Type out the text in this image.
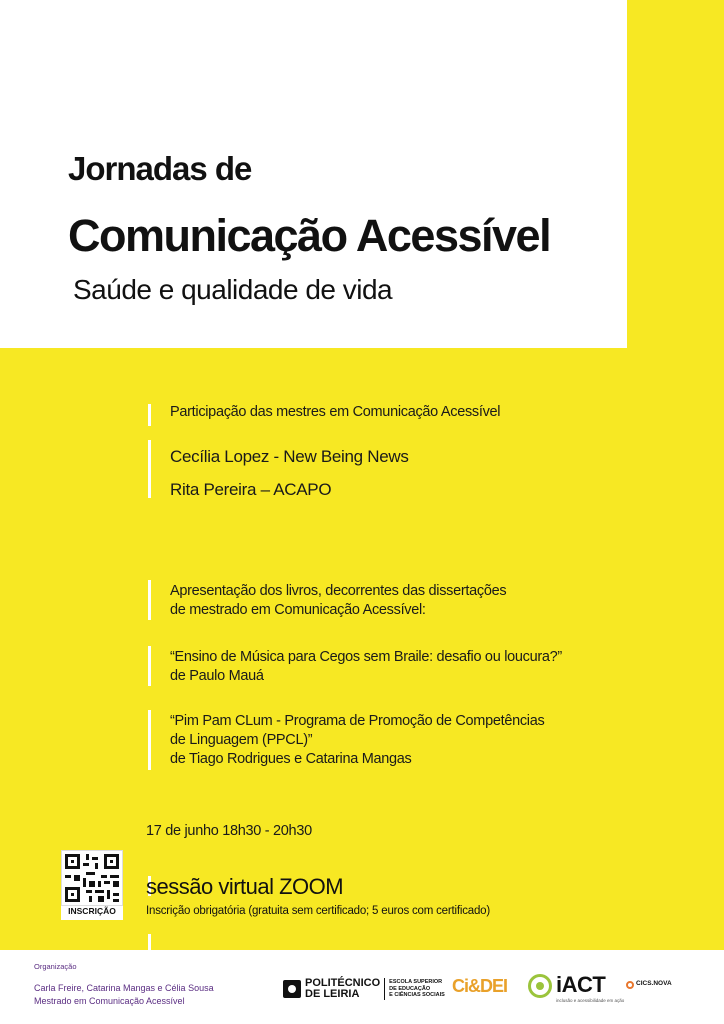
Jornadas de
Comunicação Acessível
Saúde e qualidade de vida
Participação das mestres em Comunicação Acessível
Cecília Lopez - New Being News
Rita Pereira – ACAPO
Apresentação dos livros, decorrentes das dissertações
de mestrado em Comunicação Acessível:
“Ensino de Música para Cegos sem Braile: desafio ou loucura?”
de Paulo Mauá
“Pim Pam CLum - Programa de Promoção de Competências
de Linguagem (PPCL)”
de Tiago Rodrigues e Catarina Mangas
17 de junho 18h30 - 20h30
INSCRIÇÃO
sessão virtual ZOOM
Inscrição obrigatória (gratuita sem certificado; 5 euros com certificado)
Organização
Carla Freire, Catarina Mangas e Célia Sousa
Mestrado em Comunicação Acessível
POLITÉCNICO
DE LEIRIA
ESCOLA SUPERIOR
DE EDUCAÇÃO
E CIÊNCIAS SOCIAIS Ci&DEI iACT
inclusão e acessibilidade em ação
CICS.NOVA
